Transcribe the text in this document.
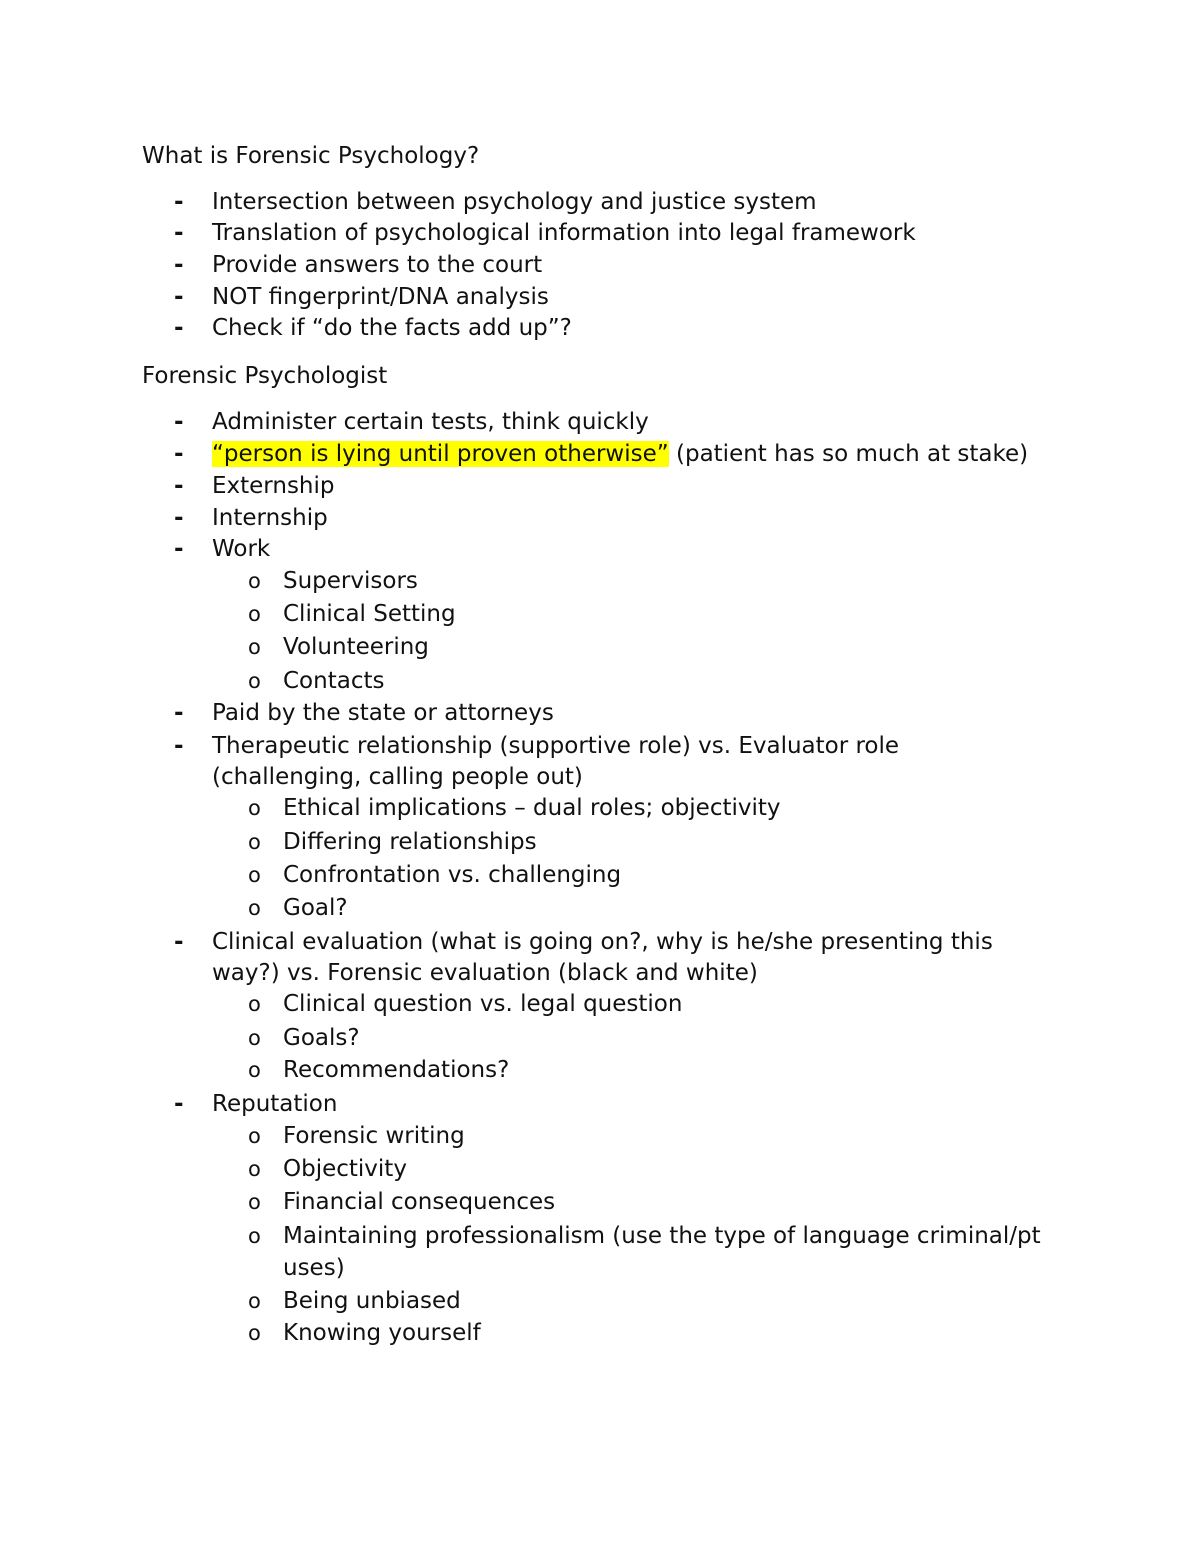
What is Forensic Psychology?
- Intersection between psychology and justice system
- Translation of psychological information into legal framework
- Provide answers to the court
- NOT fingerprint/DNA analysis
- Check if “do the facts add up”?
Forensic Psychologist
- Administer certain tests, think quickly
- “person is lying until proven otherwise” (patient has so much at stake)
- Externship
- Internship
- Work
o Supervisors
o Clinical Setting
o Volunteering
o Contacts
- Paid by the state or attorneys
- Therapeutic relationship (supportive role) vs. Evaluator role
(challenging, calling people out)
o Ethical implications – dual roles; objectivity
o Differing relationships
o Confrontation vs. challenging
o Goal?
- Clinical evaluation (what is going on?, why is he/she presenting this
way?) vs. Forensic evaluation (black and white)
o Clinical question vs. legal question
o Goals?
o Recommendations?
- Reputation
o Forensic writing
o Objectivity
o Financial consequences
o Maintaining professionalism (use the type of language criminal/pt
uses)
o Being unbiased
o Knowing yourself
